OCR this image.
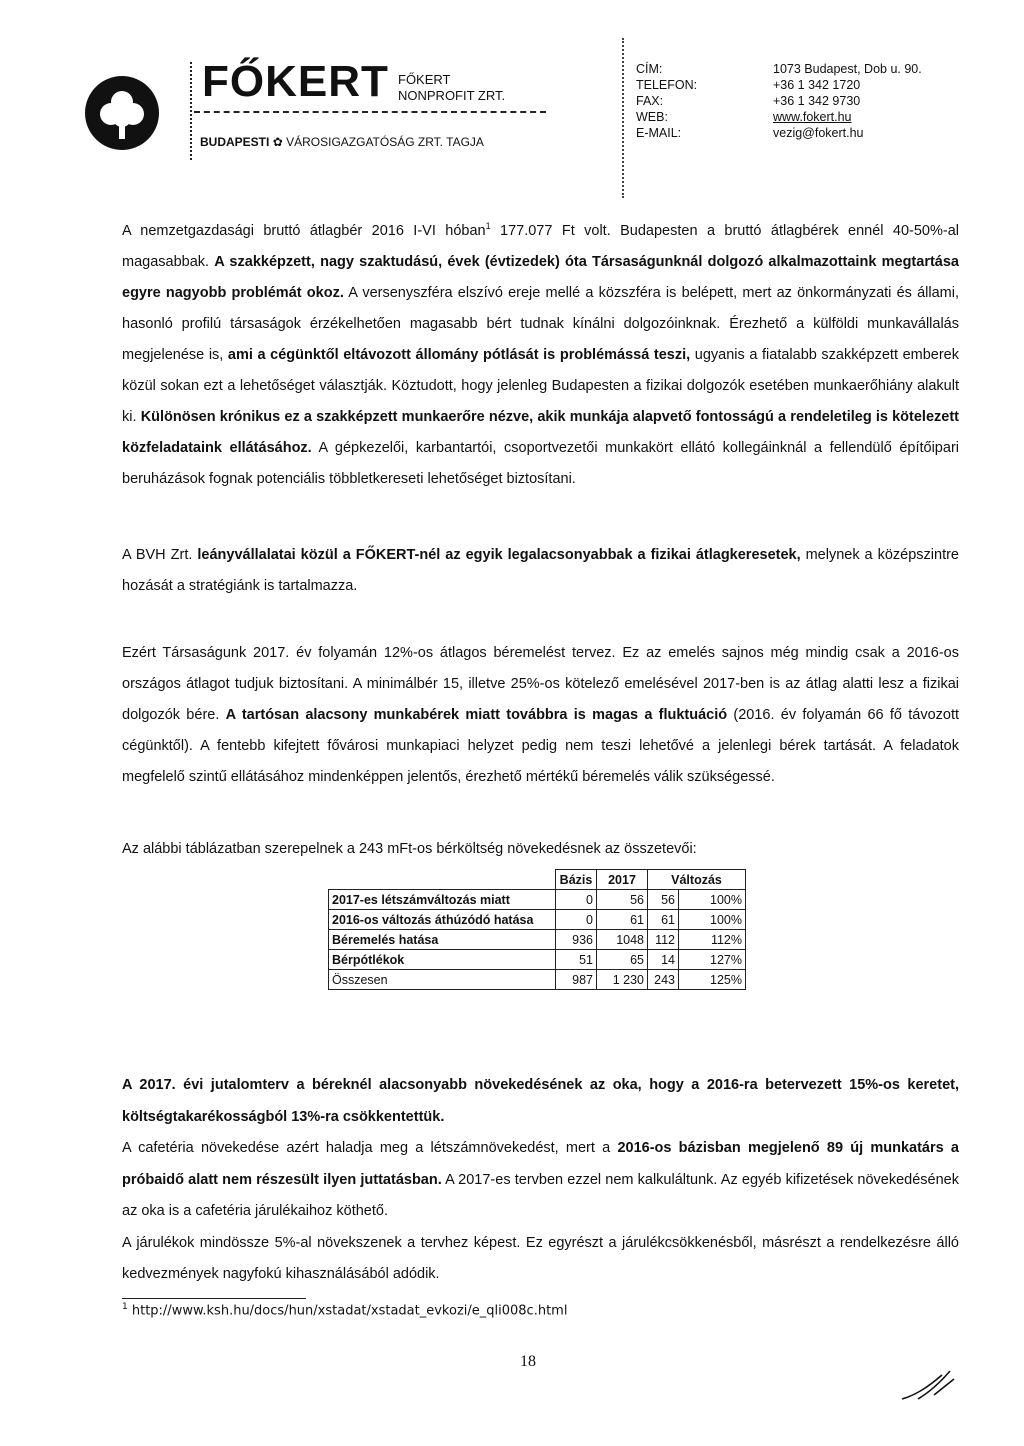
FŐKERT FŐKERT
NONPROFIT ZRT.
BUDAPESTI ✿ VÁROSIGAZGATÓSÁG ZRT. TAGJA
CÍM:	1073 Budapest, Dob u. 90.
TELEFON:	+36 1 342 1720
FAX:	+36 1 342 9730
WEB:	www.fokert.hu
E-MAIL:	vezig@fokert.hu
A nemzetgazdasági bruttó átlagbér 2016 I-VI hóban$^1$ 177.077 Ft volt. Budapesten a bruttó átlagbérek ennél 40-50%-al magasabbak. A szakképzett, nagy szaktudású, évek (évtizedek) óta Társaságunknál dolgozó alkalmazottaink megtartása egyre nagyobb problémát okoz. A versenyszféra elszívó ereje mellé a közszféra is belépett, mert az önkormányzati és állami, hasonló profilú társaságok érzékelhetően magasabb bért tudnak kínálni dolgozóinknak. Érezhető a külföldi munkavállalás megjelenése is, ami a cégünktől eltávozott állomány pótlását is problémássá teszi, ugyanis a fiatalabb szakképzett emberek közül sokan ezt a lehetőséget választják. Köztudott, hogy jelenleg Budapesten a fizikai dolgozók esetében munkaerőhiány alakult ki. Különösen krónikus ez a szakképzett munkaerőre nézve, akik munkája alapvető fontosságú a rendeletileg is kötelezett közfeladataink ellátásához. A gépkezelői, karbantartói, csoportvezetői munkakört ellátó kollegáinknál a fellendülő építőipari beruházások fognak potenciális többletkereseti lehetőséget biztosítani.
A BVH Zrt. leányvállalatai közül a FŐKERT-nél az egyik legalacsonyabbak a fizikai átlagkeresetek, melynek a középszintre hozását a stratégiánk is tartalmazza.
Ezért Társaságunk 2017. év folyamán 12%-os átlagos béremelést tervez. Ez az emelés sajnos még mindig csak a 2016-os országos átlagot tudjuk biztosítani. A minimálbér 15, illetve 25%-os kötelező emelésével 2017-ben is az átlag alatti lesz a fizikai dolgozók bére. A tartósan alacsony munkabérek miatt továbbra is magas a fluktuáció (2016. év folyamán 66 fő távozott cégünktől). A fentebb kifejtett fővárosi munkapiaci helyzet pedig nem teszi lehetővé a jelenlegi bérek tartását. A feladatok megfelelő szintű ellátásához mindenképpen jelentős, érezhető mértékű béremelés válik szükségessé.
Az alábbi táblázatban szerepelnek a 243 mFt-os bérköltség növekedésnek az összetevői:
	Bázis	2017	Változás	
2017-es létszámváltozás miatt	0	56	56	100%
2016-os változás áthúzódó hatása	0	61	61	100%
Béremelés hatása	936	1048	112	112%
Bérpótlékok	51	65	14	127%
Összesen	987	1 230	243	125%
A 2017. évi jutalomterv a béreknél alacsonyabb növekedésének az oka, hogy a 2016-ra betervezett 15%-os keretet, költségtakarékosságból 13%-ra csökkentettük.
A cafetéria növekedése azért haladja meg a létszámnövekedést, mert a 2016-os bázisban megjelenő 89 új munkatárs a próbaidő alatt nem részesült ilyen juttatásban. A 2017-es tervben ezzel nem kalkuláltunk. Az egyéb kifizetések növekedésének az oka is a cafetéria járulékaihoz köthető.
A járulékok mindössze 5%-al növekszenek a tervhez képest. Ez egyrészt a járulékcsökkenésből, másrészt a rendelkezésre álló kedvezmények nagyfokú kihasználásából adódik.
$^1$ http://www.ksh.hu/docs/hun/xstadat/xstadat_evkozi/e_qli008c.html
18
